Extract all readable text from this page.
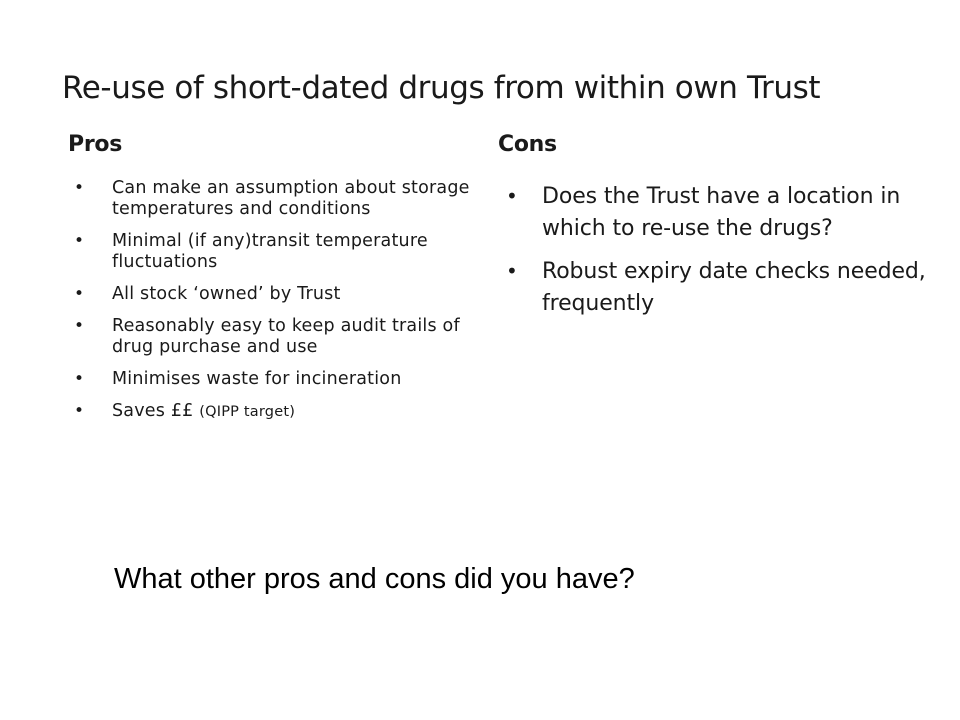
Re-use of short-dated drugs from within own Trust
Pros	Cons
• Can make an assumption about storage temperatures and conditions
• Minimal (if any)transit temperature fluctuations
• All stock ‘owned’ by Trust
• Reasonably easy to keep audit trails of drug purchase and use
• Minimises waste for incineration
• Saves ££ (QIPP target)
• Does the Trust have a location in which to re-use the drugs?
• Robust expiry date checks needed, frequently
What other pros and cons did you have?
